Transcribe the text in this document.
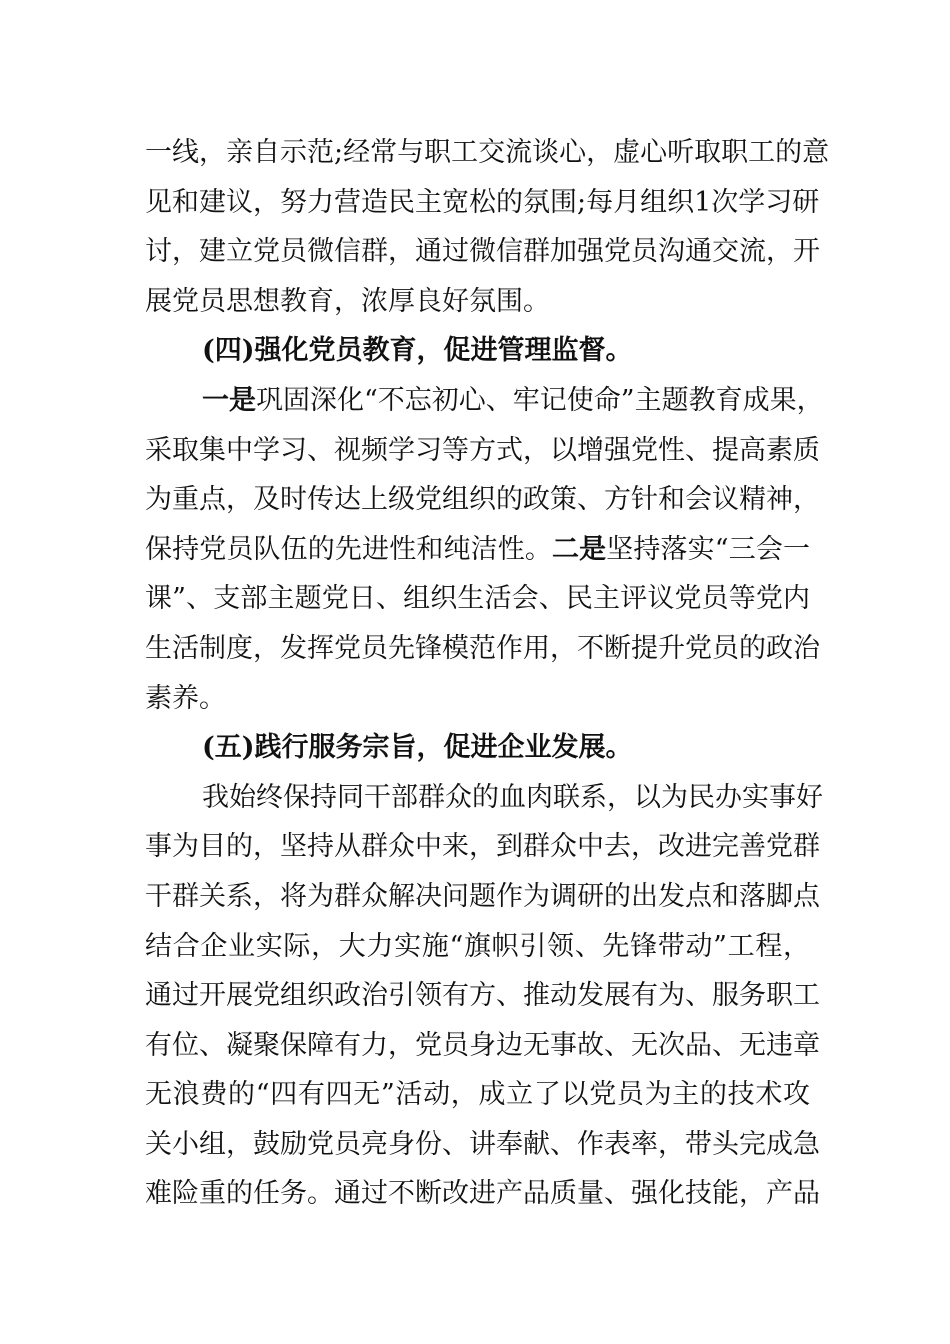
一线，亲自示范;经常与职工交流谈心，虚心听取职工的意
见和建议，努力营造民主宽松的氛围;每月组织1次学习研
讨，建立党员微信群，通过微信群加强党员沟通交流，开
展党员思想教育，浓厚良好氛围。
(四)强化党员教育，促进管理监督。
一是巩固深化“不忘初心、牢记使命”主题教育成果，
采取集中学习、视频学习等方式，以增强党性、提高素质
为重点，及时传达上级党组织的政策、方针和会议精神，
保持党员队伍的先进性和纯洁性。二是坚持落实“三会一
课”、支部主题党日、组织生活会、民主评议党员等党内
生活制度，发挥党员先锋模范作用，不断提升党员的政治
素养。
(五)践行服务宗旨，促进企业发展。
我始终保持同干部群众的血肉联系，以为民办实事好
事为目的，坚持从群众中来，到群众中去，改进完善党群
干群关系，将为群众解决问题作为调研的出发点和落脚点
结合企业实际，大力实施“旗帜引领、先锋带动”工程，
通过开展党组织政治引领有方、推动发展有为、服务职工
有位、凝聚保障有力，党员身边无事故、无次品、无违章
无浪费的“四有四无”活动，成立了以党员为主的技术攻
关小组，鼓励党员亮身份、讲奉献、作表率，带头完成急
难险重的任务。通过不断改进产品质量、强化技能，产品
